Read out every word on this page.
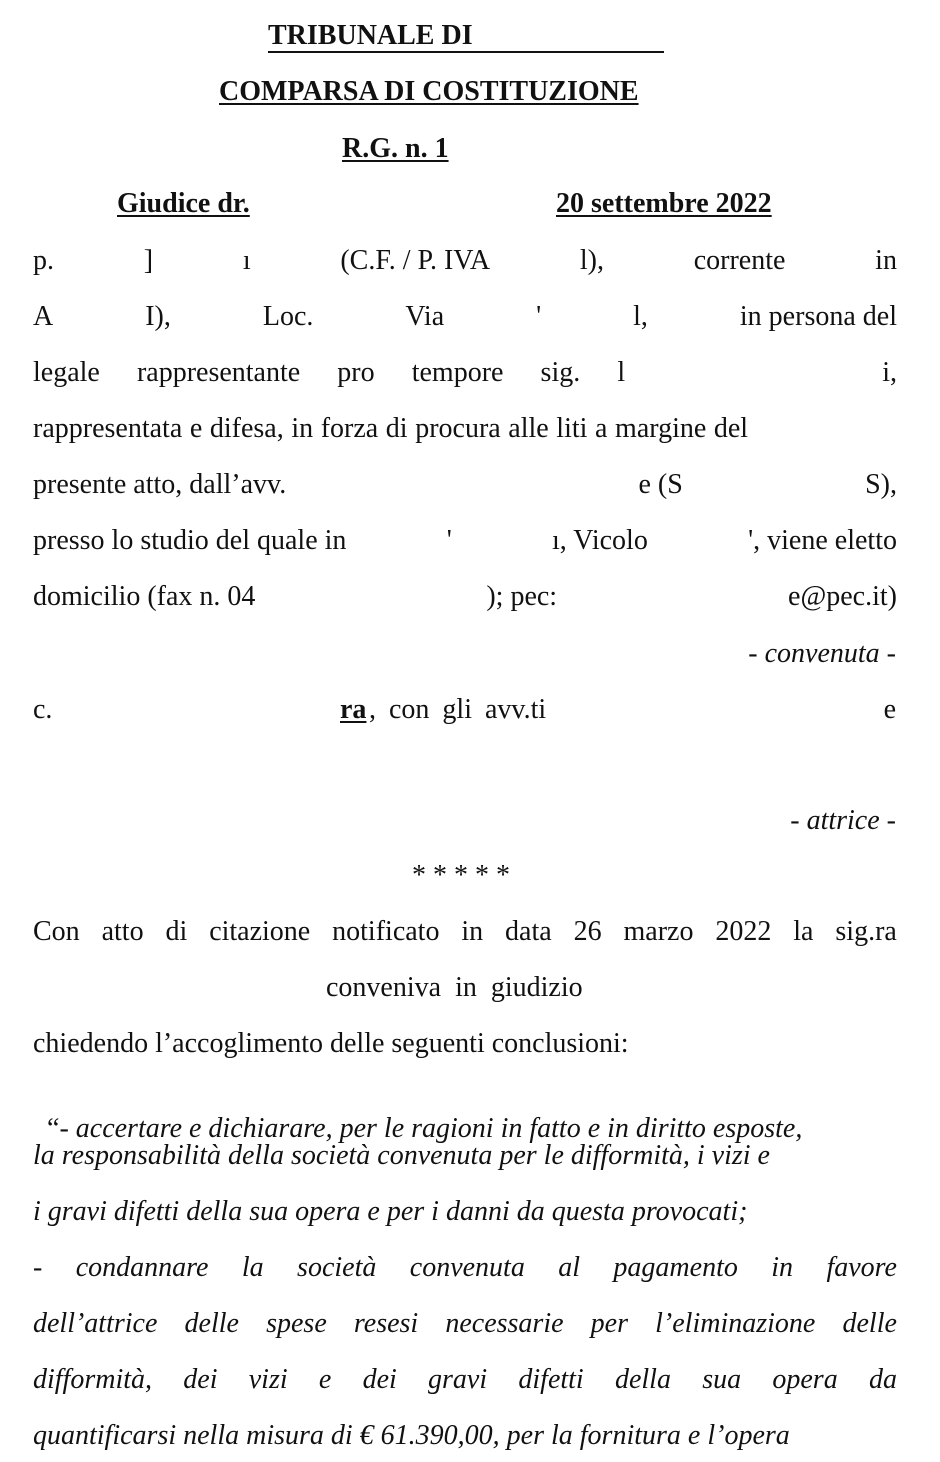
TRIBUNALE DI
COMPARSA DI COSTITUZIONE
R.G. n. 1
Giudice dr.	20 settembre 2022
p.	]	ı	(C.F. / P. IVA	l),	corrente	in
A	I),	Loc.	Via	'	l,	in persona del
legale rappresentante pro tempore sig. l	i,
rappresentata e difesa, in forza di procura alle liti a margine del
presente atto, dall’avv.	e (S	S),
presso lo studio del quale in	'	ı, Vicolo	', viene eletto
domicilio (fax n. 04	); pec:	e@pec.it)
- convenuta -
c.	ra , con gli avv.ti	e
- attrice -
* * * * *
Con atto di citazione notificato in data 26 marzo 2022 la sig.ra
conveniva  in  giudizio
chiedendo l’accoglimento delle seguenti conclusioni:

“- accertare e dichiarare, per le ragioni in fatto e in diritto esposte,

la responsabilità della società convenuta per le difformità, i vizi e
i gravi difetti della sua opera e per i danni da questa provocati;
- condannare la società convenuta al pagamento in favore
dell’attrice delle spese resesi necessarie per l’eliminazione delle
difformità, dei vizi e dei gravi difetti della sua opera da
quantificarsi nella misura di € 61.390,00, per la fornitura e l’opera
